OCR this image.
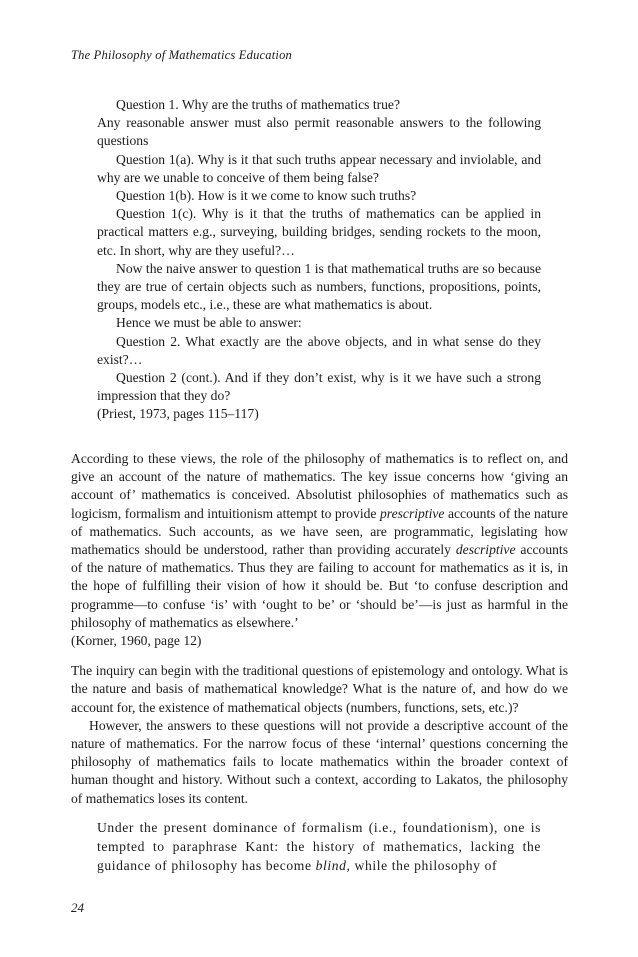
The Philosophy of Mathematics Education

Question 1. Why are the truths of mathematics true?

Any reasonable answer must also permit reasonable answers to the following questions

Question 1(a). Why is it that such truths appear necessary and inviolable, and why are we unable to conceive of them being false?

Question 1(b). How is it we come to know such truths?

Question 1(c). Why is it that the truths of mathematics can be applied in practical matters e.g., surveying, building bridges, sending rockets to the moon, etc. In short, why are they useful?…

Now the naive answer to question 1 is that mathematical truths are so because they are true of certain objects such as numbers, functions, propositions, points, groups, models etc., i.e., these are what mathematics is about.

Hence we must be able to answer:

Question 2. What exactly are the above objects, and in what sense do they exist?…

Question 2 (cont.). And if they don’t exist, why is it we have such a strong impression that they do?

(Priest, 1973, pages 115–117)

According to these views, the role of the philosophy of mathematics is to reflect on, and give an account of the nature of mathematics. The key issue concerns how ‘giving an account of’ mathematics is conceived. Absolutist philosophies of mathematics such as logicism, formalism and intuitionism attempt to provide prescriptive accounts of the nature of mathematics. Such accounts, as we have seen, are programmatic, legislating how mathematics should be understood, rather than providing accurately descriptive accounts of the nature of mathematics. Thus they are failing to account for mathematics as it is, in the hope of fulfilling their vision of how it should be. But ‘to confuse description and programme—to confuse ‘is’ with ‘ought to be’ or ‘should be’—is just as harmful in the philosophy of mathematics as elsewhere.’

(Korner, 1960, page 12)

The inquiry can begin with the traditional questions of epistemology and ontology. What is the nature and basis of mathematical knowledge? What is the nature of, and how do we account for, the existence of mathematical objects (numbers, functions, sets, etc.)?

However, the answers to these questions will not provide a descriptive account of the nature of mathematics. For the narrow focus of these ‘internal’ questions concerning the philosophy of mathematics fails to locate mathematics within the broader context of human thought and history. Without such a context, according to Lakatos, the philosophy of mathematics loses its content.

Under the present dominance of formalism (i.e., foundationism), one is tempted to paraphrase Kant: the history of mathematics, lacking the guidance of philosophy has become blind, while the philosophy of

24
